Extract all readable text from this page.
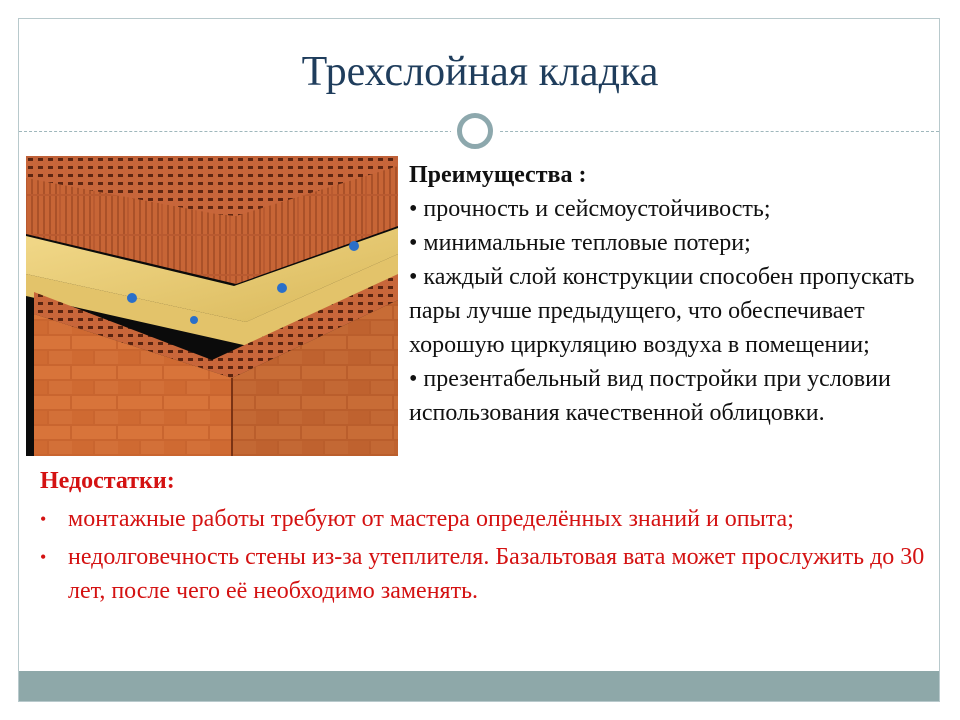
Трехслойная кладка
Преимущества :

• прочность и сейсмоустойчивость;

• минимальные тепловые потери;

• каждый слой конструкции способен пропускать пары лучше предыдущего, что обеспечивает хорошую циркуляцию воздуха в помещении;

• презентабельный вид постройки при условии использования качественной облицовки.

Недостатки:
• монтажные работы требуют от мастера определённых знаний и опыта;
• недолговечность стены из-за утеплителя. Базальтовая вата может прослужить до 30 лет, после чего её необходимо заменять.
